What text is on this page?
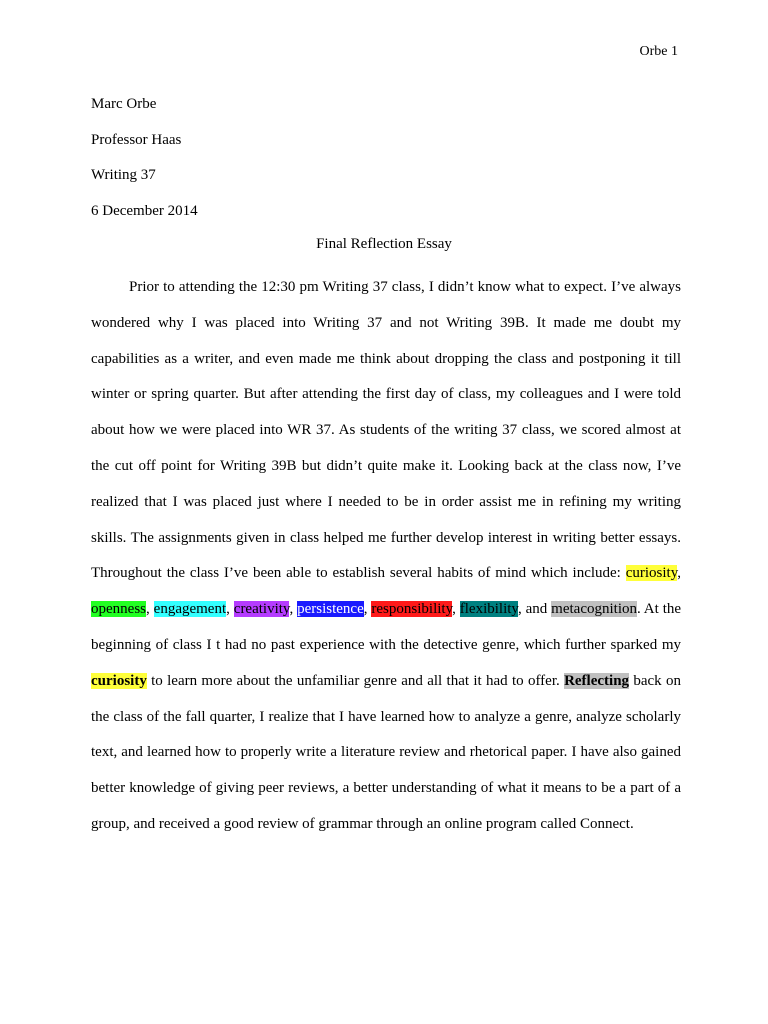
Orbe 1
Marc Orbe
Professor Haas
Writing 37
6 December 2014
Final Reflection Essay

Prior to attending the 12:30 pm Writing 37 class, I didn’t know what to expect. I’ve always wondered why I was placed into Writing 37 and not Writing 39B. It made me doubt my capabilities as a writer, and even made me think about dropping the class and postponing it till winter or spring quarter. But after attending the first day of class, my colleagues and I were told about how we were placed into WR 37. As students of the writing 37 class, we scored almost at the cut off point for Writing 39B but didn’t quite make it. Looking back at the class now, I’ve realized that I was placed just where I needed to be in order assist me in refining my writing skills. The assignments given in class helped me further develop interest in writing better essays. Throughout the class I’ve been able to establish several habits of mind which include: curiosity, openness, engagement, creativity, persistence, responsibility, flexibility, and metacognition. At the beginning of class I t had no past experience with the detective genre, which further sparked my curiosity to learn more about the unfamiliar genre and all that it had to offer. Reflecting back on the class of the fall quarter, I realize that I have learned how to analyze a genre, analyze scholarly text, and learned how to properly write a literature review and rhetorical paper. I have also gained better knowledge of giving peer reviews, a better understanding of what it means to be a part of a group, and received a good review of grammar through an online program called Connect.
